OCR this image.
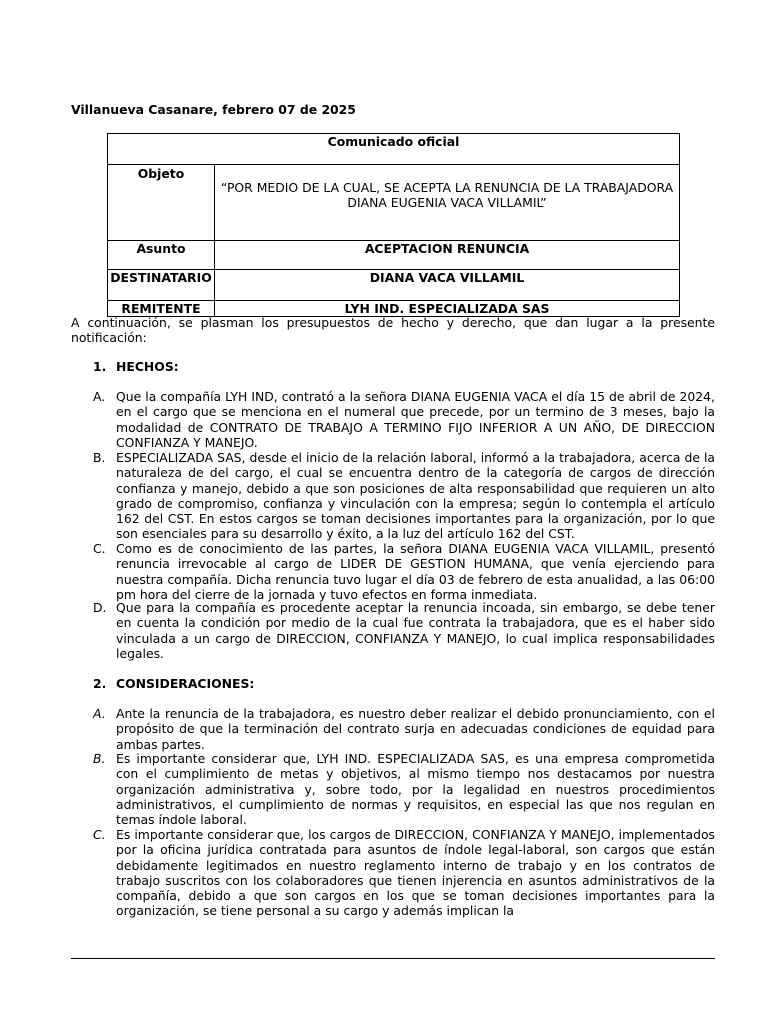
Villanueva Casanare, febrero 07 de 2025
Comunicado oficial	
Objeto	“POR MEDIO DE LA CUAL, SE ACEPTA LA RENUNCIA DE LA TRABAJADORA DIANA EUGENIA VACA VILLAMIL”
Asunto	ACEPTACION RENUNCIA
DESTINATARIO	DIANA VACA VILLAMIL
REMITENTE	LYH IND. ESPECIALIZADA SAS
A continuación, se plasman los presupuestos de hecho y derecho, que dan lugar a la presente notificación:
1. HECHOS:
A. Que la compañía LYH IND, contrató a la señora DIANA EUGENIA VACA el día 15 de abril de 2024, en el cargo que se menciona en el numeral que precede, por un termino de 3 meses, bajo la modalidad de CONTRATO DE TRABAJO A TERMINO FIJO INFERIOR A UN AÑO, DE DIRECCION CONFIANZA Y MANEJO.
B. ESPECIALIZADA SAS, desde el inicio de la relación laboral, informó a la trabajadora, acerca de la naturaleza de del cargo, el cual se encuentra dentro de la categoría de cargos de dirección confianza y manejo, debido a que son posiciones de alta responsabilidad que requieren un alto grado de compromiso, confianza y vinculación con la empresa; según lo contempla el artículo 162 del CST. En estos cargos se toman decisiones importantes para la organización, por lo que son esenciales para su desarrollo y éxito, a la luz del artículo 162 del CST.
C. Como es de conocimiento de las partes, la señora DIANA EUGENIA VACA VILLAMIL, presentó renuncia irrevocable al cargo de LIDER DE GESTION HUMANA, que venía ejerciendo para nuestra compañía. Dicha renuncia tuvo lugar el día 03 de febrero de esta anualidad, a las 06:00 pm hora del cierre de la jornada y tuvo efectos en forma inmediata.
D. Que para la compañía es procedente aceptar la renuncia incoada, sin embargo, se debe tener en cuenta la condición por medio de la cual fue contrata la trabajadora, que es el haber sido vinculada a un cargo de DIRECCION, CONFIANZA Y MANEJO, lo cual implica responsabilidades legales.
2. CONSIDERACIONES:
A. Ante la renuncia de la trabajadora, es nuestro deber realizar el debido pronunciamiento, con el propósito de que la terminación del contrato surja en adecuadas condiciones de equidad para ambas partes.
B. Es importante considerar que, LYH IND. ESPECIALIZADA SAS, es una empresa comprometida con el cumplimiento de metas y objetivos, al mismo tiempo nos destacamos por nuestra organización administrativa y, sobre todo, por la legalidad en nuestros procedimientos administrativos, el cumplimiento de normas y requisitos, en especial las que nos regulan en temas índole laboral.
C. Es importante considerar que, los cargos de DIRECCION, CONFIANZA Y MANEJO, implementados por la oficina jurídica contratada para asuntos de índole legal-laboral, son cargos que están debidamente legitimados en nuestro reglamento interno de trabajo y en los contratos de trabajo suscritos con los colaboradores que tienen injerencia en asuntos administrativos de la compañía, debido a que son cargos en los que se toman decisiones importantes para la organización, se tiene personal a su cargo y además implican la
